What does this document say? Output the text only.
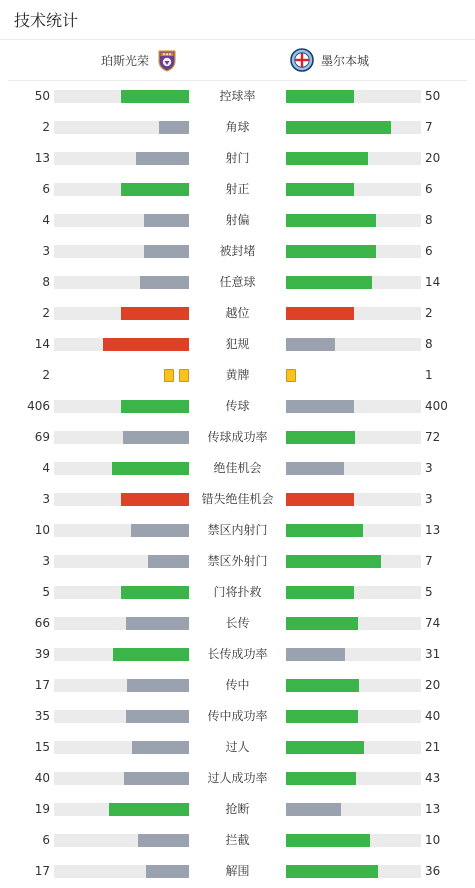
技术统计
珀斯光荣	墨尔本城
50	控球率	50
2	角球	7
13	射门	20
6	射正	6
4	射偏	8
3	被封堵	6
8	任意球	14
2	越位	2
14	犯规	8
2	黄牌	1
406	传球	400
69	传球成功率	72
4	绝佳机会	3
3	错失绝佳机会	3
10	禁区内射门	13
3	禁区外射门	7
5	门将扑救	5
66	长传	74
39	长传成功率	31
17	传中	20
35	传中成功率	40
15	过人	21
40	过人成功率	43
19	抢断	13
6	拦截	10
17	解围	36
